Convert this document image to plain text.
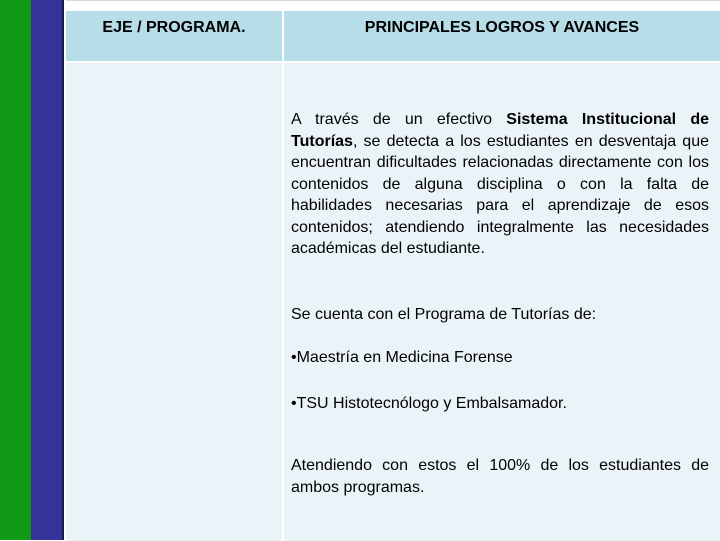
EJE / PROGRAMA.	PRINCIPALES LOGROS Y AVANCES

A través de un efectivo Sistema Institucional de Tutorías, se detecta a los estudiantes en desventaja que encuentran dificultades relacionadas directamente con los contenidos de alguna disciplina o con la falta de habilidades necesarias para el aprendizaje de esos contenidos; atendiendo integralmente las necesidades académicas del estudiante.

Se cuenta con el Programa de Tutorías de:

•Maestría en Medicina Forense

•TSU Histotecnólogo y Embalsamador.

Atendiendo con estos el 100% de los estudiantes de ambos programas.
